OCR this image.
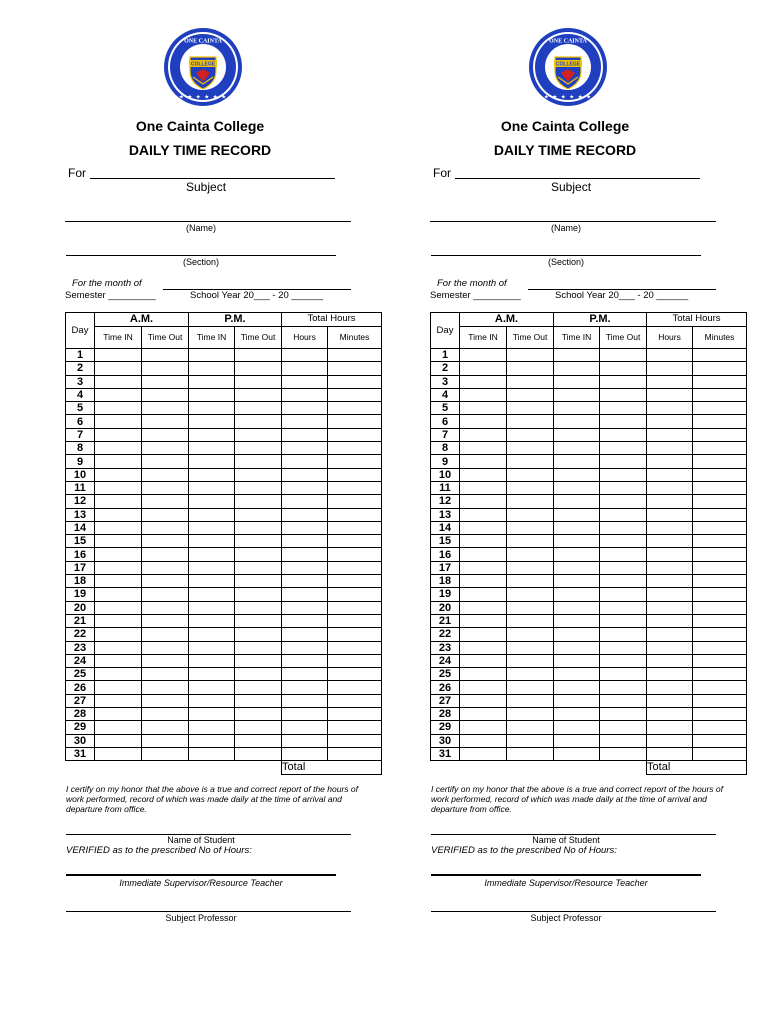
COLLEGE
ONE CAINTA
★ ★ ★ ★ ★ ★
One Cainta College
DAILY TIME RECORD
For
Subject
(Name)
(Section)
For the month of
Semester _________	School Year 20___ - 20 ______
Day	A.M.		P.M.		Total Hours	
	Time IN	Time Out	Time IN	Time Out	Hours	Minutes
1						
2						
3						
4						
5						
6						
7						
8						
9						
10						
11						
12						
13						
14						
15						
16						
17						
18						
19						
20						
21						
22						
23						
24						
25						
26						
27						
28						
29						
30						
31						
					Total	
I certify on my honor that the above is a true and correct report of the hours of work performed, record of which was made daily at the time of arrival and departure from office.
Name of Student
VERIFIED as to the prescribed No of Hours:
Immediate Supervisor/Resource Teacher
Subject Professor
COLLEGE
ONE CAINTA
★ ★ ★ ★ ★ ★
One Cainta College
DAILY TIME RECORD
For
Subject
(Name)
(Section)
For the month of
Semester _________	School Year 20___ - 20 ______
Day	A.M.		P.M.		Total Hours	
	Time IN	Time Out	Time IN	Time Out	Hours	Minutes
1						
2						
3						
4						
5						
6						
7						
8						
9						
10						
11						
12						
13						
14						
15						
16						
17						
18						
19						
20						
21						
22						
23						
24						
25						
26						
27						
28						
29						
30						
31						
					Total	
I certify on my honor that the above is a true and correct report of the hours of work performed, record of which was made daily at the time of arrival and departure from office.
Name of Student
VERIFIED as to the prescribed No of Hours:
Immediate Supervisor/Resource Teacher
Subject Professor
